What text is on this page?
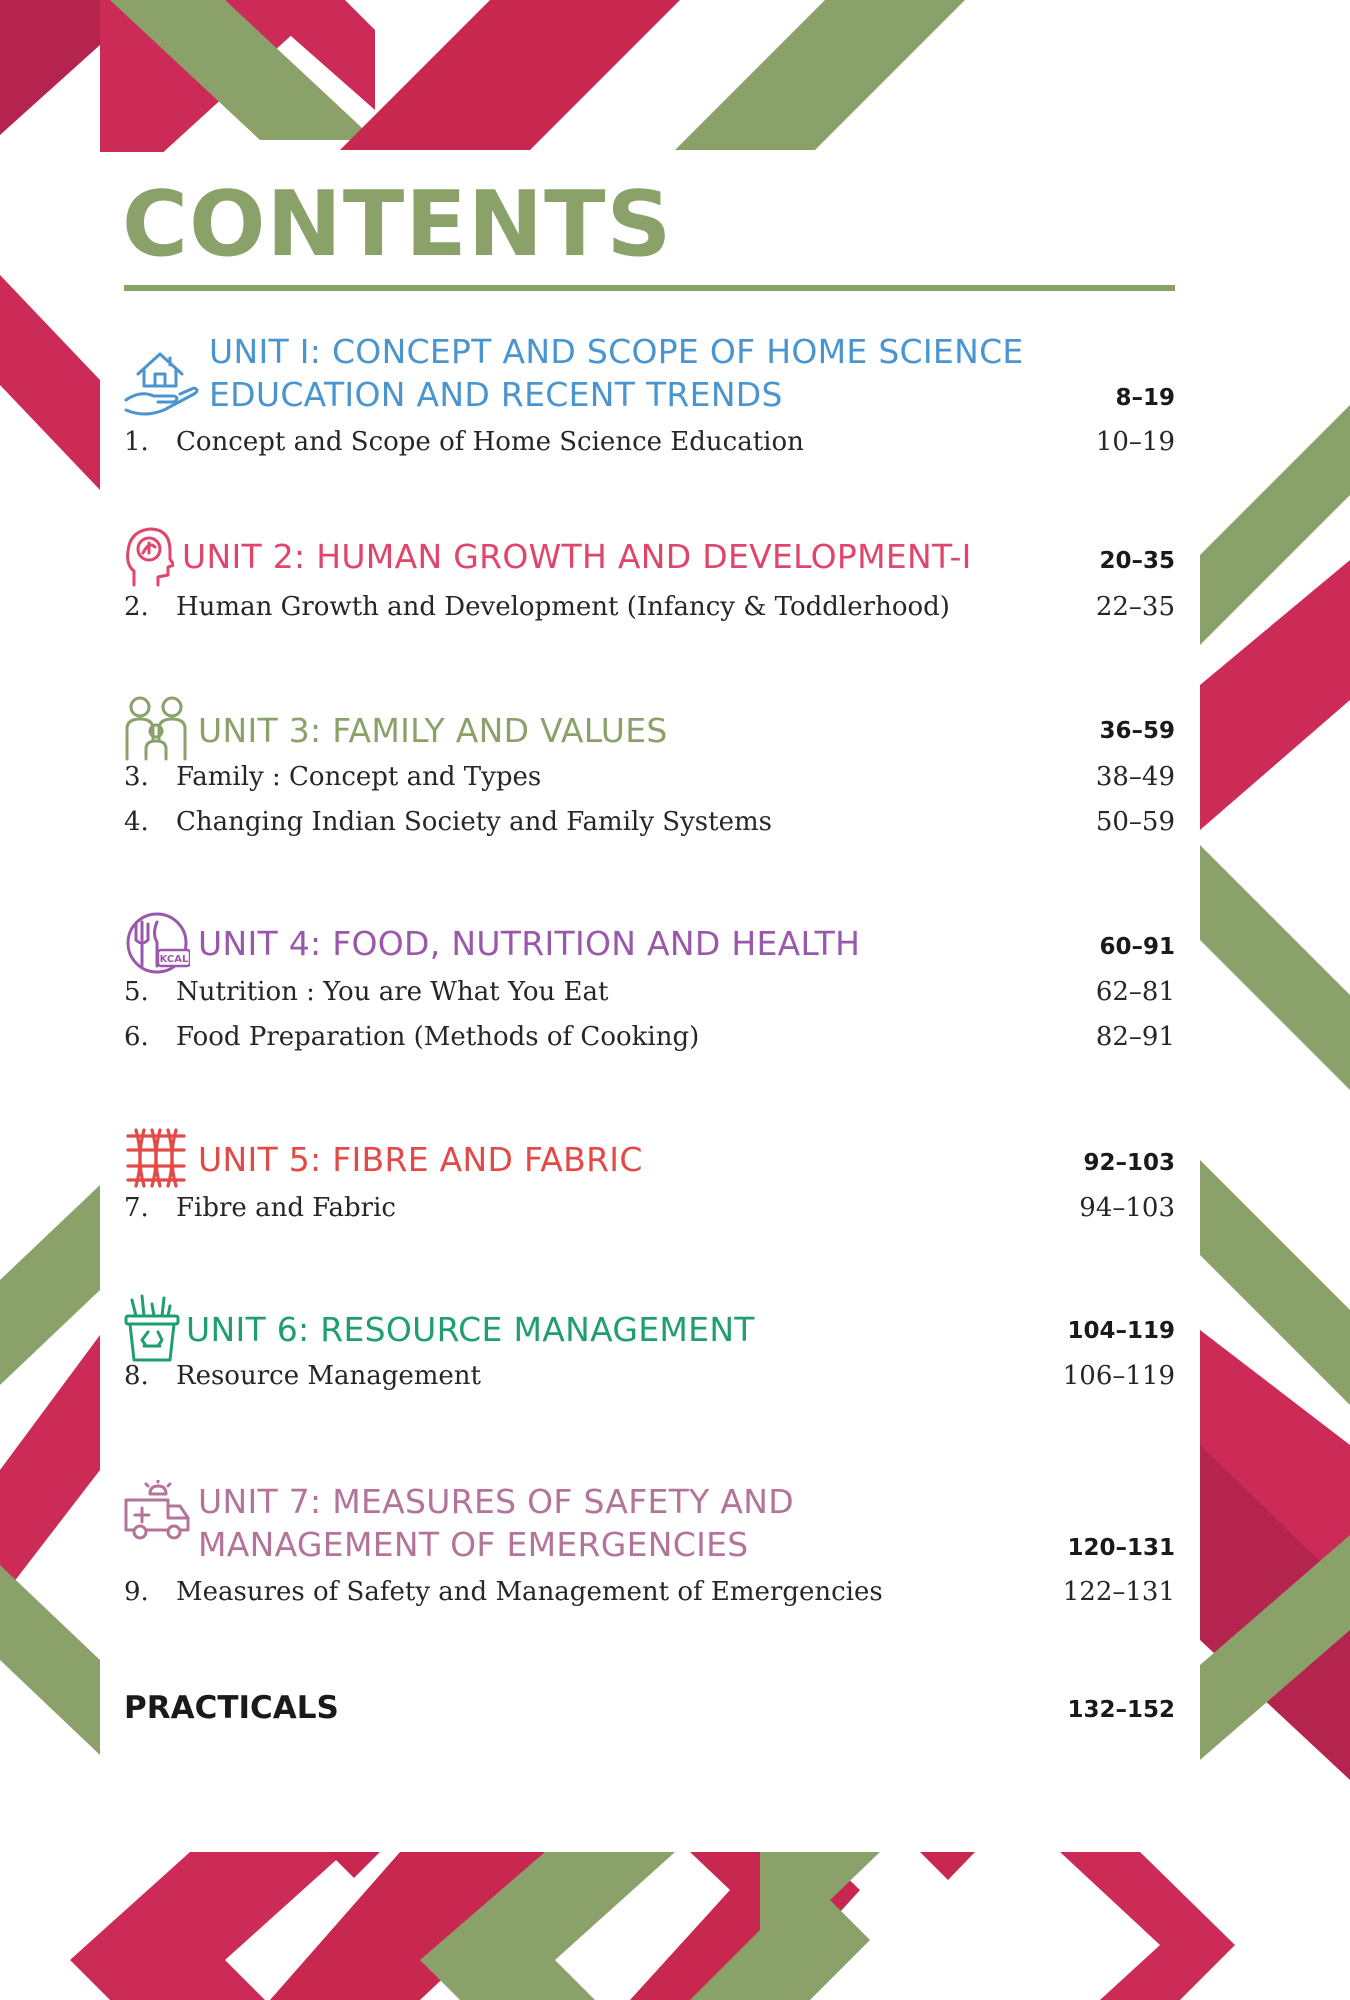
CONTENTS
UNIT I: CONCEPT AND SCOPE OF HOME SCIENCE
EDUCATION AND RECENT TRENDS	8–19
1. Concept and Scope of Home Science Education	10–19
UNIT 2: HUMAN GROWTH AND DEVELOPMENT-I	20–35
2. Human Growth and Development (Infancy & Toddlerhood)	22–35
UNIT 3: FAMILY AND VALUES	36–59
3. Family : Concept and Types	38–49
4. Changing Indian Society and Family Systems	50–59
KCAL UNIT 4: FOOD, NUTRITION AND HEALTH	60–91
5. Nutrition : You are What You Eat	62–81
6. Food Preparation (Methods of Cooking)	82–91
UNIT 5: FIBRE AND FABRIC	92–103
7. Fibre and Fabric	94–103
UNIT 6: RESOURCE MANAGEMENT	104–119
8. Resource Management	106–119
UNIT 7: MEASURES OF SAFETY AND
MANAGEMENT OF EMERGENCIES	120–131
9. Measures of Safety and Management of Emergencies	122–131
PRACTICALS	132–152
